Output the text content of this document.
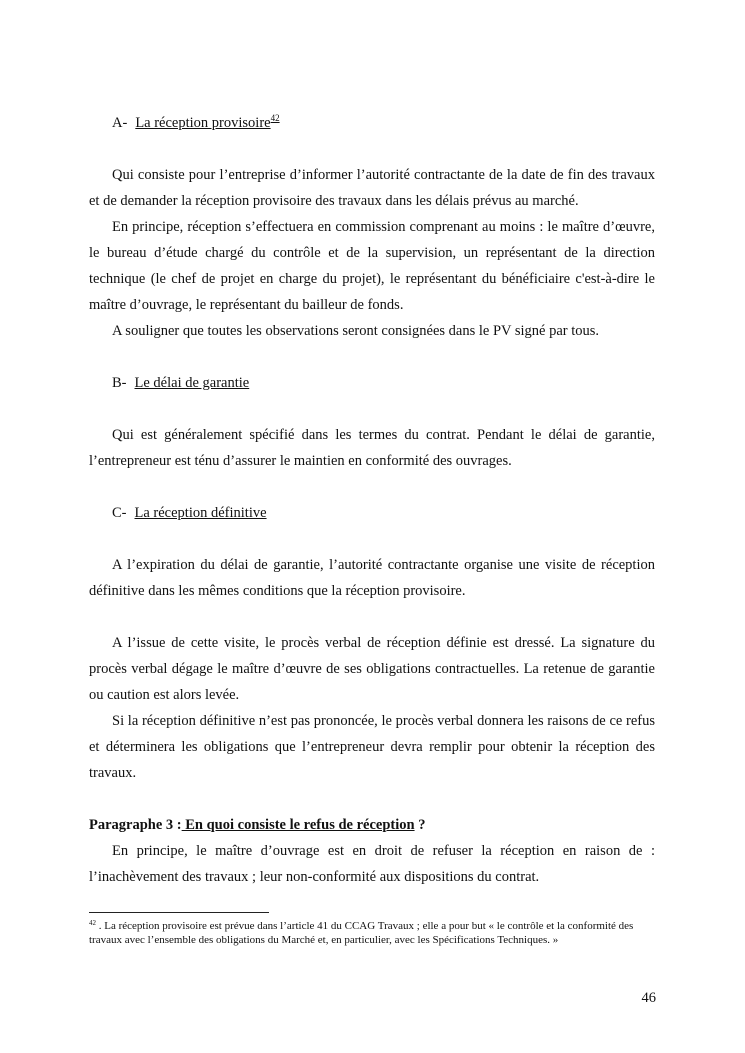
A- La réception provisoire$^{42}$

Qui consiste pour l’entreprise d’informer l’autorité contractante de la date de fin des travaux et de demander la réception provisoire des travaux dans les délais prévus au marché.

En principe, réception s’effectuera en commission comprenant au moins : le maître d’œuvre, le bureau d’étude chargé du contrôle et de la supervision, un représentant de la direction technique (le chef de projet en charge du projet), le représentant du bénéficiaire c'est-à-dire le maître d’ouvrage, le représentant du bailleur de fonds.

A souligner que toutes les observations seront consignées dans le PV signé par tous.

B- Le délai de garantie

Qui est généralement spécifié dans les termes du contrat. Pendant le délai de garantie, l’entrepreneur est ténu d’assurer le maintien en conformité des ouvrages.

C- La réception définitive

A l’expiration du délai de garantie, l’autorité contractante organise une visite de réception définitive dans les mêmes conditions que la réception provisoire.

A l’issue de cette visite, le procès verbal de réception définie est dressé. La signature du procès verbal dégage le maître d’œuvre de ses obligations contractuelles. La retenue de garantie ou caution est alors levée.

Si la réception définitive n’est pas prononcée, le procès verbal donnera les raisons de ce refus et déterminera les obligations que l’entrepreneur devra remplir pour obtenir la réception des travaux.

Paragraphe 3 : En quoi consiste le refus de réception ?

En principe, le maître d’ouvrage est en droit de refuser la réception en raison de : l’inachèvement des travaux ; leur non-conformité aux dispositions du contrat.

$^{42}$ . La réception provisoire est prévue dans l’article 41 du CCAG Travaux ; elle a pour but « le contrôle et la conformité des travaux avec l’ensemble des obligations du Marché et, en particulier, avec les Spécifications Techniques. »
46
